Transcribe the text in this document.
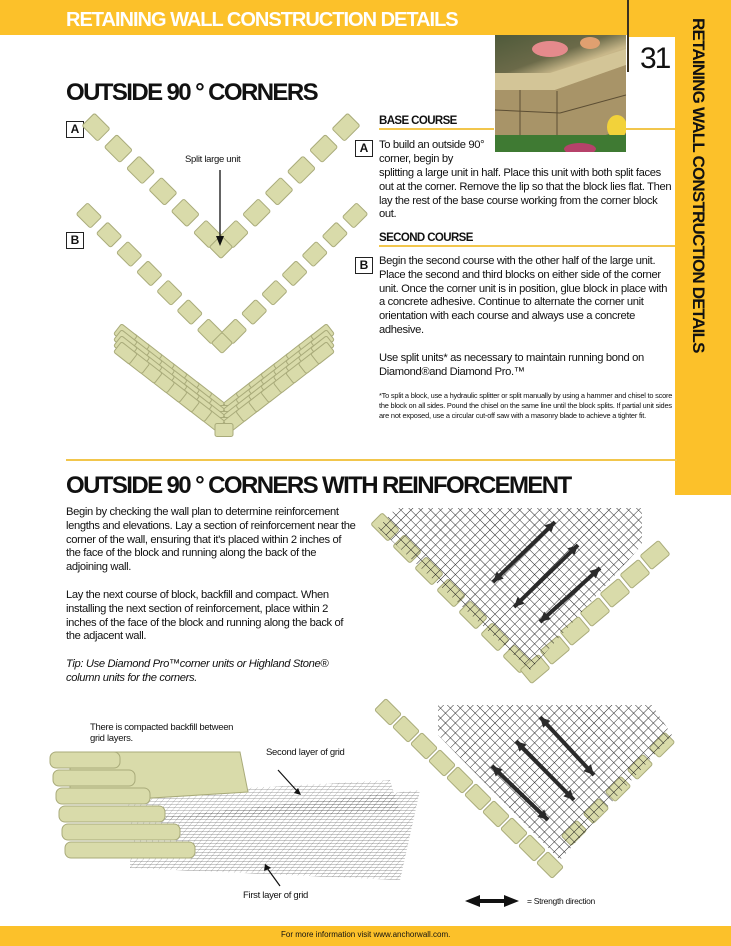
RETAINING WALL CONSTRUCTION DETAILS	RETAINING WALL CONSTRUCTION DETAILS
31
OUTSIDE 90 ° CORNERS
A
B
Split large unit
BASE COURSE
A To build an outside 90° corner, begin by
splitting a large unit in half. Place this unit with both split faces out at the corner. Remove the lip so that the block lies flat. Then lay the rest of the base course working from the corner block out.
SECOND COURSE
B Begin the second course with the other half of the large unit. Place the second and third blocks on either side of the corner unit. Once the corner unit is in position, glue block in place with a concrete adhesive. Continue to alternate the corner unit orientation with each course and always use a concrete adhesive.
Use split units* as necessary to maintain running bond on Diamond®and Diamond Pro.™
*To split a block, use a hydraulic splitter or split manually by using a hammer and chisel to score the block on all sides. Pound the chisel on the same line until the block splits. If partial unit sides are not exposed, use a circular cut-off saw with a masonry blade to achieve a tighter fit.
OUTSIDE 90 ° CORNERS WITH REINFORCEMENT
Begin by checking the wall plan to determine reinforcement lengths and elevations. Lay a section of reinforcement near the corner of the wall, ensuring that it's placed within 2 inches of the face of the block and running along the back of the adjoining wall.
Lay the next course of block, backfill and compact. When installing the next section of reinforcement, place within 2 inches of the face of the block and running along the back of the adjacent wall.
Tip: Use Diamond Pro™corner units or Highland Stone® column units for the corners.
There is compacted backfill between grid layers.
Second layer of grid
First layer of grid	= Strength direction
For more information visit www.anchorwall.com.
